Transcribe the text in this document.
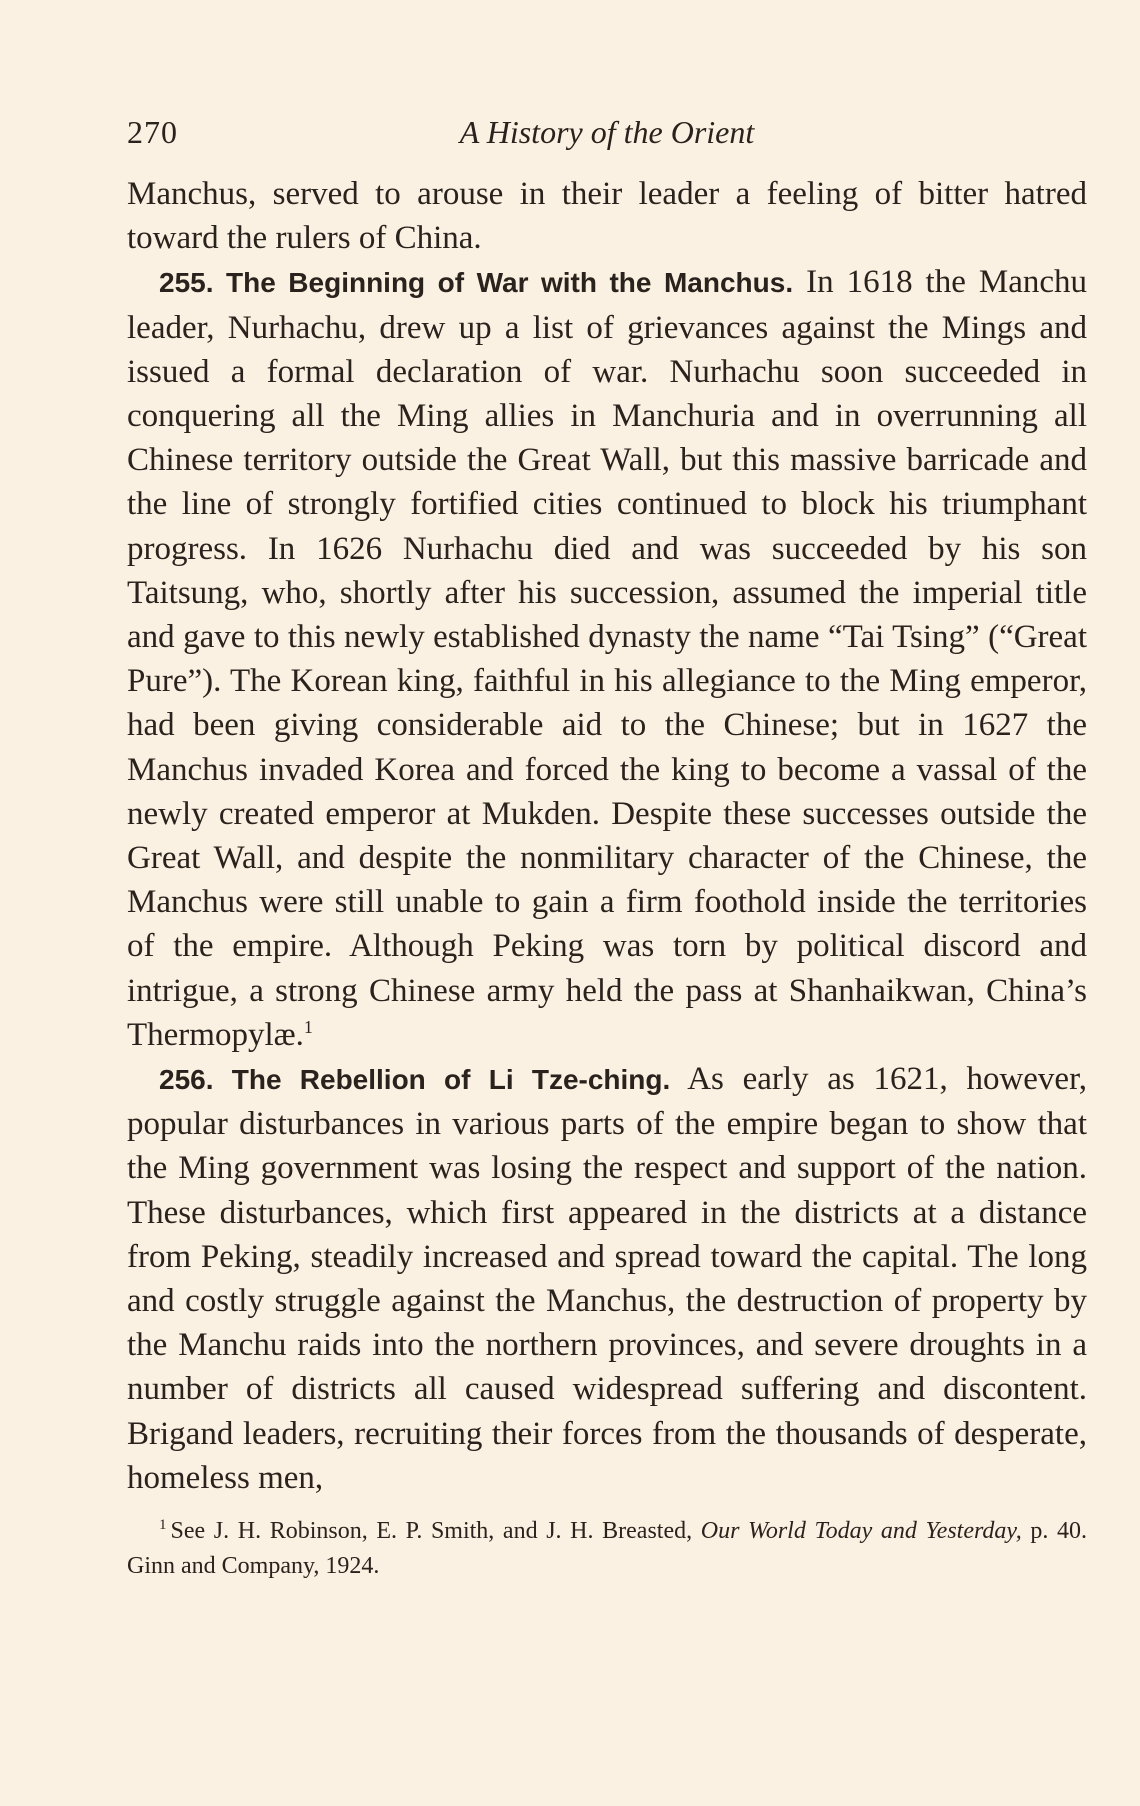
270	A History of the Orient

Manchus, served to arouse in their leader a feeling of bitter hatred toward the rulers of China.

255. The Beginning of War with the Manchus. In 1618 the Manchu leader, Nurhachu, drew up a list of grievances against the Mings and issued a formal declaration of war. Nurhachu soon succeeded in conquering all the Ming allies in Manchuria and in overrunning all Chinese territory outside the Great Wall, but this massive barricade and the line of strongly fortified cities continued to block his triumphant progress. In 1626 Nurhachu died and was succeeded by his son Taitsung, who, shortly after his succession, assumed the imperial title and gave to this newly established dynasty the name “Tai Tsing” (“Great Pure”). The Korean king, faithful in his allegiance to the Ming emperor, had been giving considerable aid to the Chinese; but in 1627 the Manchus invaded Korea and forced the king to become a vassal of the newly created emperor at Mukden. Despite these successes outside the Great Wall, and despite the nonmilitary character of the Chinese, the Manchus were still unable to gain a firm foothold inside the territories of the empire. Although Peking was torn by political discord and intrigue, a strong Chinese army held the pass at Shanhaikwan, China’s Thermopylæ.$^1$

256. The Rebellion of Li Tze-ching. As early as 1621, however, popular disturbances in various parts of the empire began to show that the Ming government was losing the respect and support of the nation. These disturbances, which first appeared in the districts at a distance from Peking, steadily increased and spread toward the capital. The long and costly struggle against the Manchus, the destruction of property by the Manchu raids into the northern provinces, and severe droughts in a number of districts all caused widespread suffering and discontent. Brigand leaders, recruiting their forces from the thousands of desperate, homeless men,

$^1$ See J. H. Robinson, E. P. Smith, and J. H. Breasted, Our World Today and Yesterday, p. 40. Ginn and Company, 1924.
